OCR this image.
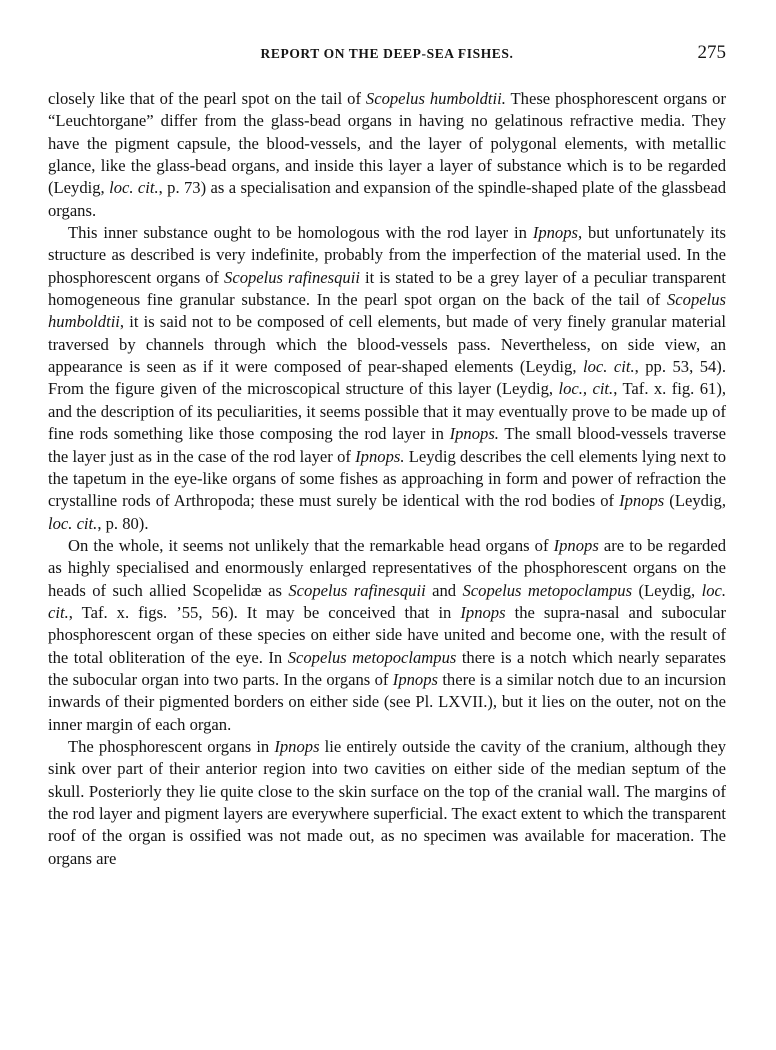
REPORT ON THE DEEP-SEA FISHES.	275

closely like that of the pearl spot on the tail of Scopelus humboldtii. These phosphorescent organs or “Leuchtorgane” differ from the glass-bead organs in having no gelatinous refractive media. They have the pigment capsule, the blood-vessels, and the layer of polygonal elements, with metallic glance, like the glass-bead organs, and inside this layer a layer of substance which is to be regarded (Leydig, loc. cit., p. 73) as a specialisation and expansion of the spindle-shaped plate of the glassbead organs.

This inner substance ought to be homologous with the rod layer in Ipnops, but unfortunately its structure as described is very indefinite, probably from the imperfection of the material used. In the phosphorescent organs of Scopelus rafinesquii it is stated to be a grey layer of a peculiar transparent homogeneous fine granular substance. In the pearl spot organ on the back of the tail of Scopelus humboldtii, it is said not to be composed of cell elements, but made of very finely granular material traversed by channels through which the blood-vessels pass. Nevertheless, on side view, an appearance is seen as if it were composed of pear-shaped elements (Leydig, loc. cit., pp. 53, 54). From the figure given of the microscopical structure of this layer (Leydig, loc., cit., Taf. x. fig. 61), and the description of its peculiarities, it seems possible that it may eventually prove to be made up of fine rods something like those composing the rod layer in Ipnops. The small blood-vessels traverse the layer just as in the case of the rod layer of Ipnops. Leydig describes the cell elements lying next to the tapetum in the eye-like organs of some fishes as approaching in form and power of refraction the crystalline rods of Arthropoda; these must surely be identical with the rod bodies of Ipnops (Leydig, loc. cit., p. 80).

On the whole, it seems not unlikely that the remarkable head organs of Ipnops are to be regarded as highly specialised and enormously enlarged representatives of the phosphorescent organs on the heads of such allied Scopelidæ as Scopelus rafinesquii and Scopelus metopoclampus (Leydig, loc. cit., Taf. x. figs. ’55, 56). It may be conceived that in Ipnops the supra-nasal and subocular phosphorescent organ of these species on either side have united and become one, with the result of the total obliteration of the eye. In Scopelus metopoclampus there is a notch which nearly separates the subocular organ into two parts. In the organs of Ipnops there is a similar notch due to an incursion inwards of their pigmented borders on either side (see Pl. LXVII.), but it lies on the outer, not on the inner margin of each organ.

The phosphorescent organs in Ipnops lie entirely outside the cavity of the cranium, although they sink over part of their anterior region into two cavities on either side of the median septum of the skull. Posteriorly they lie quite close to the skin surface on the top of the cranial wall. The margins of the rod layer and pigment layers are everywhere superficial. The exact extent to which the transparent roof of the organ is ossified was not made out, as no specimen was available for maceration. The organs are
